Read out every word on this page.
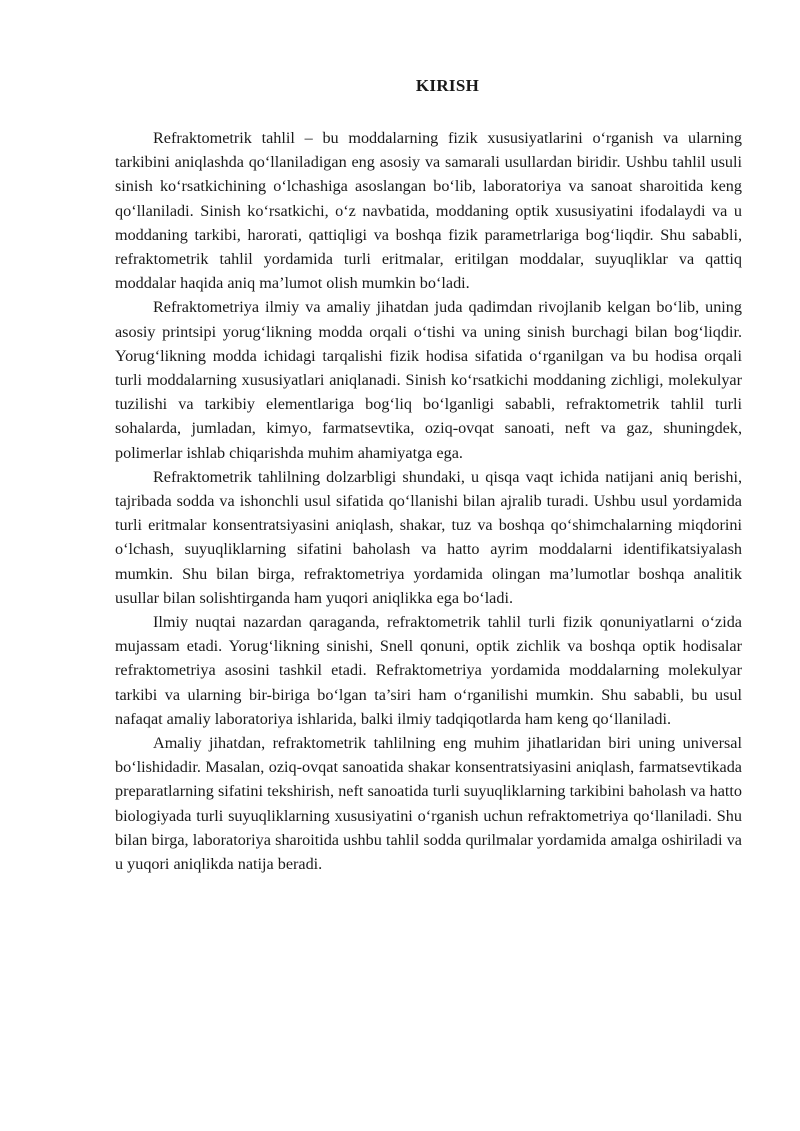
KIRISH

Refraktometrik tahlil – bu moddalarning fizik xususiyatlarini o‘rganish va ularning tarkibini aniqlashda qo‘llaniladigan eng asosiy va samarali usullardan biridir. Ushbu tahlil usuli sinish ko‘rsatkichining o‘lchashiga asoslangan bo‘lib, laboratoriya va sanoat sharoitida keng qo‘llaniladi. Sinish ko‘rsatkichi, o‘z navbatida, moddaning optik xususiyatini ifodalaydi va u moddaning tarkibi, harorati, qattiqligi va boshqa fizik parametrlariga bog‘liqdir. Shu sababli, refraktometrik tahlil yordamida turli eritmalar, eritilgan moddalar, suyuqliklar va qattiq moddalar haqida aniq ma’lumot olish mumkin bo‘ladi.

Refraktometriya ilmiy va amaliy jihatdan juda qadimdan rivojlanib kelgan bo‘lib, uning asosiy printsipi yorug‘likning modda orqali o‘tishi va uning sinish burchagi bilan bog‘liqdir. Yorug‘likning modda ichidagi tarqalishi fizik hodisa sifatida o‘rganilgan va bu hodisa orqali turli moddalarning xususiyatlari aniqlanadi. Sinish ko‘rsatkichi moddaning zichligi, molekulyar tuzilishi va tarkibiy elementlariga bog‘liq bo‘lganligi sababli, refraktometrik tahlil turli sohalarda, jumladan, kimyo, farmatsevtika, oziq-ovqat sanoati, neft va gaz, shuningdek, polimerlar ishlab chiqarishda muhim ahamiyatga ega.

Refraktometrik tahlilning dolzarbligi shundaki, u qisqa vaqt ichida natijani aniq berishi, tajribada sodda va ishonchli usul sifatida qo‘llanishi bilan ajralib turadi. Ushbu usul yordamida turli eritmalar konsentratsiyasini aniqlash, shakar, tuz va boshqa qo‘shimchalarning miqdorini o‘lchash, suyuqliklarning sifatini baholash va hatto ayrim moddalarni identifikatsiyalash mumkin. Shu bilan birga, refraktometriya yordamida olingan ma’lumotlar boshqa analitik usullar bilan solishtirganda ham yuqori aniqlikka ega bo‘ladi.

Ilmiy nuqtai nazardan qaraganda, refraktometrik tahlil turli fizik qonuniyatlarni o‘zida mujassam etadi. Yorug‘likning sinishi, Snell qonuni, optik zichlik va boshqa optik hodisalar refraktometriya asosini tashkil etadi. Refraktometriya yordamida moddalarning molekulyar tarkibi va ularning bir-biriga bo‘lgan ta’siri ham o‘rganilishi mumkin. Shu sababli, bu usul nafaqat amaliy laboratoriya ishlarida, balki ilmiy tadqiqotlarda ham keng qo‘llaniladi.

Amaliy jihatdan, refraktometrik tahlilning eng muhim jihatlaridan biri uning universal bo‘lishidadir. Masalan, oziq-ovqat sanoatida shakar konsentratsiyasini aniqlash, farmatsevtikada preparatlarning sifatini tekshirish, neft sanoatida turli suyuqliklarning tarkibini baholash va hatto biologiyada turli suyuqliklarning xususiyatini o‘rganish uchun refraktometriya qo‘llaniladi. Shu bilan birga, laboratoriya sharoitida ushbu tahlil sodda qurilmalar yordamida amalga oshiriladi va u yuqori aniqlikda natija beradi.
